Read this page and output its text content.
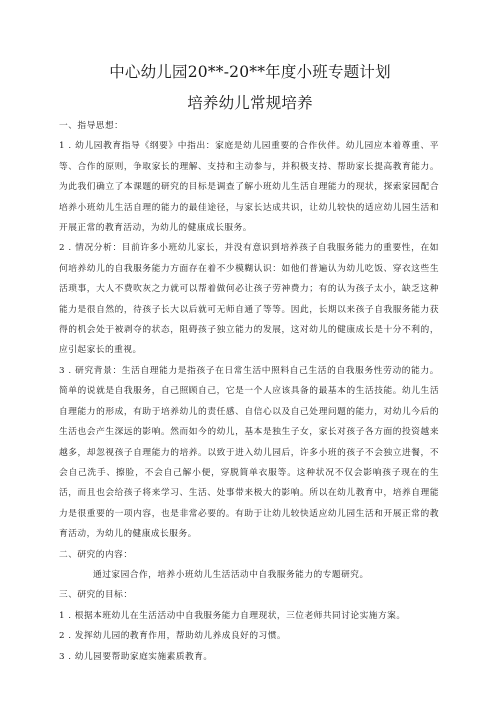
中心幼儿园20**-20**年度小班专题计划
培养幼儿常规培养

一、指导思想：

1 . 幼儿园教育指导《纲要》中指出：家庭是幼儿园重要的合作伙伴。幼儿园应本着尊重、平等、合作的原则，争取家长的理解、支持和主动参与，并积极支持、帮助家长提高教育能力。为此我们确立了本课题的研究的目标是调查了解小班幼儿生活自理能力的现状，探索家园配合培养小班幼儿生活自理的能力的最佳途径，与家长达成共识，让幼儿较快的适应幼儿园生活和开展正常的教育活动，为幼儿的健康成长服务。

2 . 情况分析：目前许多小班幼儿家长，并没有意识到培养孩子自我服务能力的重要性，在如何培养幼儿的自我服务能力方面存在着不少模糊认识：如他们普遍认为幼儿吃饭、穿衣这些生活琐事，大人不费吹灰之力就可以帮着做何必让孩子劳神费力；有的认为孩子太小，缺乏这种能力是很自然的，待孩子长大以后就可无师自通了等等。因此，长期以来孩子自我服务能力获得的机会处于被剥夺的状态，阻碍孩子独立能力的发展，这对幼儿的健康成长是十分不利的，应引起家长的重视。

3 . 研究背景：生活自理能力是指孩子在日常生活中照料自己生活的自我服务性劳动的能力。简单的说就是自我服务，自己照顾自己，它是一个人应该具备的最基本的生活技能。幼儿生活自理能力的形成，有助于培养幼儿的责任感、自信心以及自己处理问题的能力，对幼儿今后的生活也会产生深远的影响。然而如今的幼儿，基本是独生子女，家长对孩子各方面的投资越来越多，却忽视孩子自理能力的培养。以致于进入幼儿园后，许多小班的孩子不会独立进餐，不会自己洗手、擦脸，不会自己解小便，穿脱简单衣服等。这种状况不仅会影响孩子现在的生活，而且也会给孩子将来学习、生活、处事带来极大的影响。所以在幼儿教育中，培养自理能力是很重要的一项内容，也是非常必要的。有助于让幼儿较快适应幼儿园生活和开展正常的教育活动，为幼儿的健康成长服务。

二、研究的内容：

通过家园合作，培养小班幼儿生活活动中自我服务能力的专题研究。

三、研究的目标：

1 . 根据本班幼儿在生活活动中自我服务能力自理现状，三位老师共同讨论实施方案。

2 . 发挥幼儿园的教育作用，帮助幼儿养成良好的习惯。

3 . 幼儿园要帮助家庭实施素质教育。
